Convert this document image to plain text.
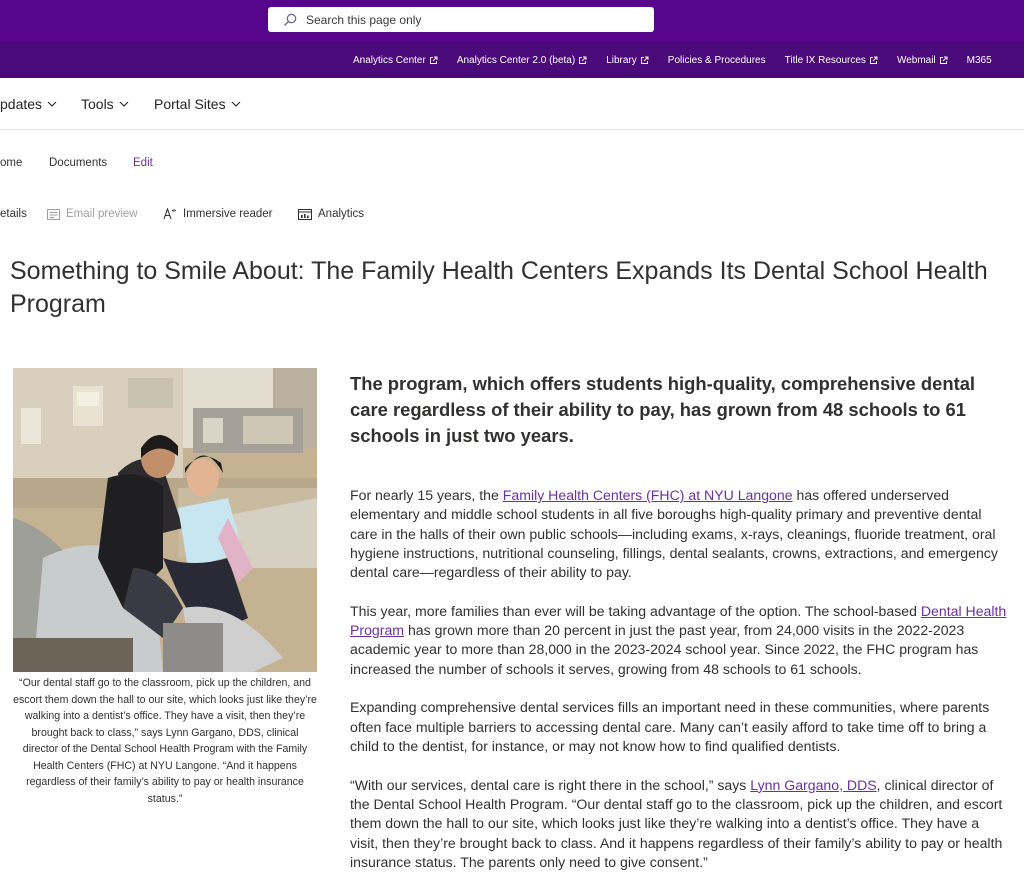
Search this page only
Analytics Center	Analytics Center 2.0 (beta)	Library	Policies & Procedures Title IX Resources	Webmail	M365
pdates	Tools	Portal Sites
ome Documents Edit
etails	Email preview	Immersive reader	Analytics
Something to Smile About: The Family Health Centers Expands Its Dental School Health Program

“Our dental staff go to the classroom, pick up the children, and escort them down the hall to our site, which looks just like they’re walking into a dentist’s office. They have a visit, then they’re brought back to class,” says Lynn Gargano, DDS, clinical director of the Dental School Health Program with the Family Health Centers (FHC) at NYU Langone. “And it happens regardless of their family’s ability to pay or health insurance status.”

The program, which offers students high-quality, comprehensive dental care regardless of their ability to pay, has grown from 48 schools to 61 schools in just two years.

For nearly 15 years, the Family Health Centers (FHC) at NYU Langone has offered underserved elementary and middle school students in all five boroughs high-quality primary and preventive dental care in the halls of their own public schools—including exams, x-rays, cleanings, fluoride treatment, oral hygiene instructions, nutritional counseling, fillings, dental sealants, crowns, extractions, and emergency dental care—regardless of their ability to pay.

This year, more families than ever will be taking advantage of the option. The school-based Dental Health Program has grown more than 20 percent in just the past year, from 24,000 visits in the 2022-2023 academic year to more than 28,000 in the 2023-2024 school year. Since 2022, the FHC program has increased the number of schools it serves, growing from 48 schools to 61 schools.

Expanding comprehensive dental services fills an important need in these communities, where parents often face multiple barriers to accessing dental care. Many can’t easily afford to take time off to bring a child to the dentist, for instance, or may not know how to find qualified dentists.

“With our services, dental care is right there in the school,” says Lynn Gargano, DDS, clinical director of the Dental School Health Program. “Our dental staff go to the classroom, pick up the children, and escort them down the hall to our site, which looks just like they’re walking into a dentist’s office. They have a visit, then they’re brought back to class. And it happens regardless of their family’s ability to pay or health insurance status. The parents only need to give consent.”
